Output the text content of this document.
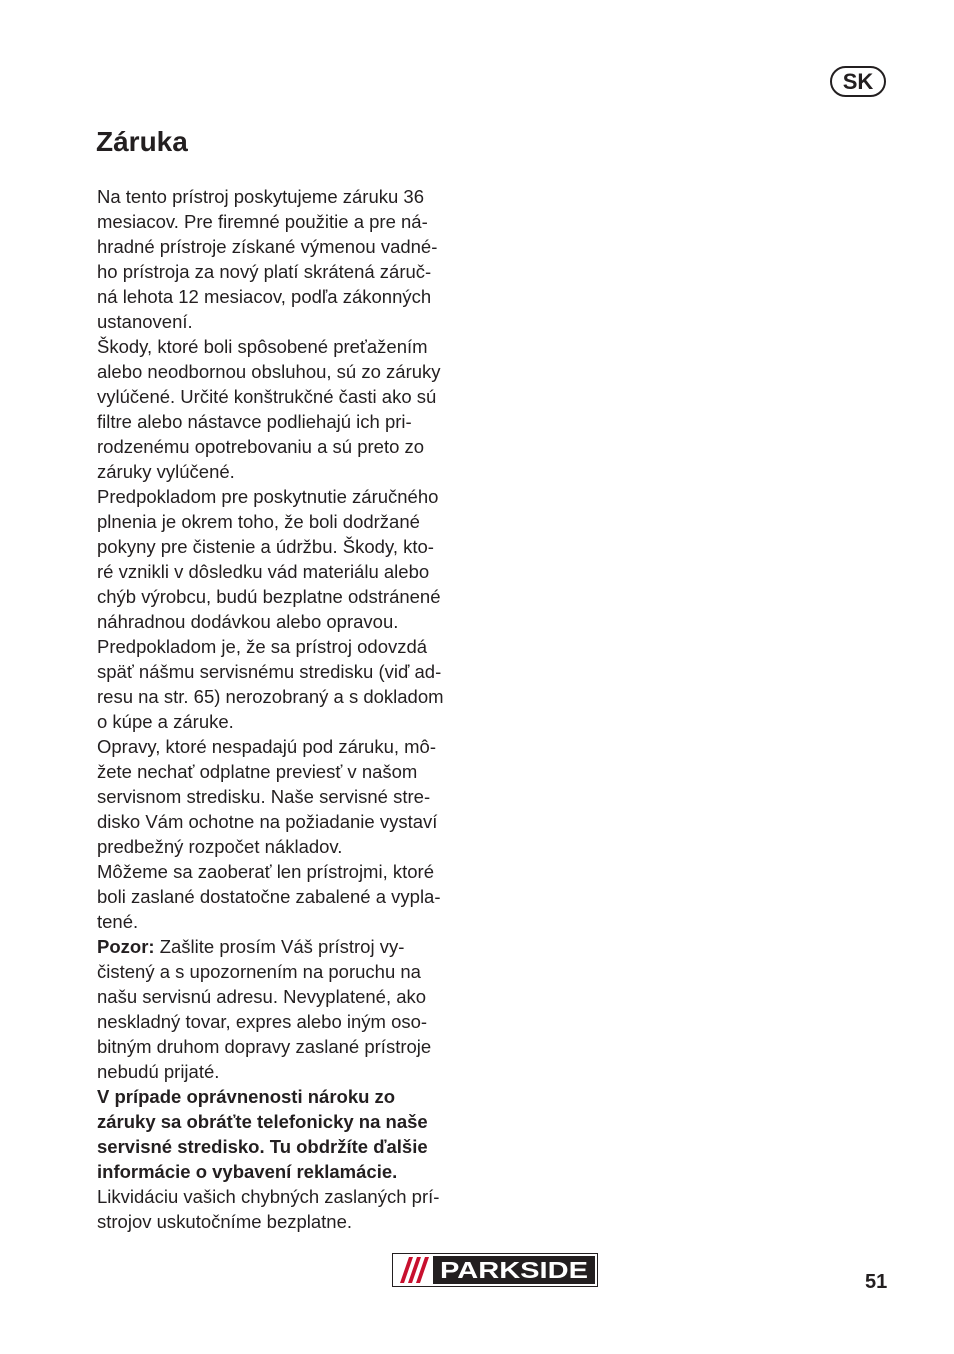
SK
Záruka
Na tento prístroj poskytujeme záruku 36
mesiacov. Pre firemné použitie a pre ná-
hradné prístroje získané výmenou vadné-
ho prístroja za nový platí skrátená záruč-
ná lehota 12 mesiacov, podľa zákonných
ustanovení.
Škody, ktoré boli spôsobené preťažením
alebo neodbornou obsluhou, sú zo záruky
vylúčené. Určité konštrukčné časti ako sú
filtre alebo nástavce podliehajú ich pri-
rodzenému opotrebovaniu a sú preto zo
záruky vylúčené.
Predpokladom pre poskytnutie záručného
plnenia je okrem toho, že boli dodržané
pokyny pre čistenie a údržbu. Škody, kto-
ré vznikli v dôsledku vád materiálu alebo
chýb výrobcu, budú bezplatne odstránené
náhradnou dodávkou alebo opravou.
Predpokladom je, že sa prístroj odovzdá
späť nášmu servisnému stredisku (viď ad-
resu na str. 65) nerozobraný a s dokladom
o kúpe a záruke.
Opravy, ktoré nespadajú pod záruku, mô-
žete nechať odplatne previesť v našom
servisnom stredisku. Naše servisné stre-
disko Vám ochotne na požiadanie vystaví
predbežný rozpočet nákladov.
Môžeme sa zaoberať len prístrojmi, ktoré
boli zaslané dostatočne zabalené a vypla-
tené.
Pozor: Zašlite prosím Váš prístroj vy-
čistený a s upozornením na poruchu na
našu servisnú adresu. Nevyplatené, ako
neskladný tovar, expres alebo iným oso-
bitným druhom dopravy zaslané prístroje
nebudú prijaté.
V prípade oprávnenosti nároku zo
záruky sa obráťte telefonicky na naše
servisné stredisko. Tu obdržíte ďalšie
informácie o vybavení reklamácie.
Likvidáciu vašich chybných zaslaných prí-
strojov uskutočníme bezplatne.
PARKSIDE	51
